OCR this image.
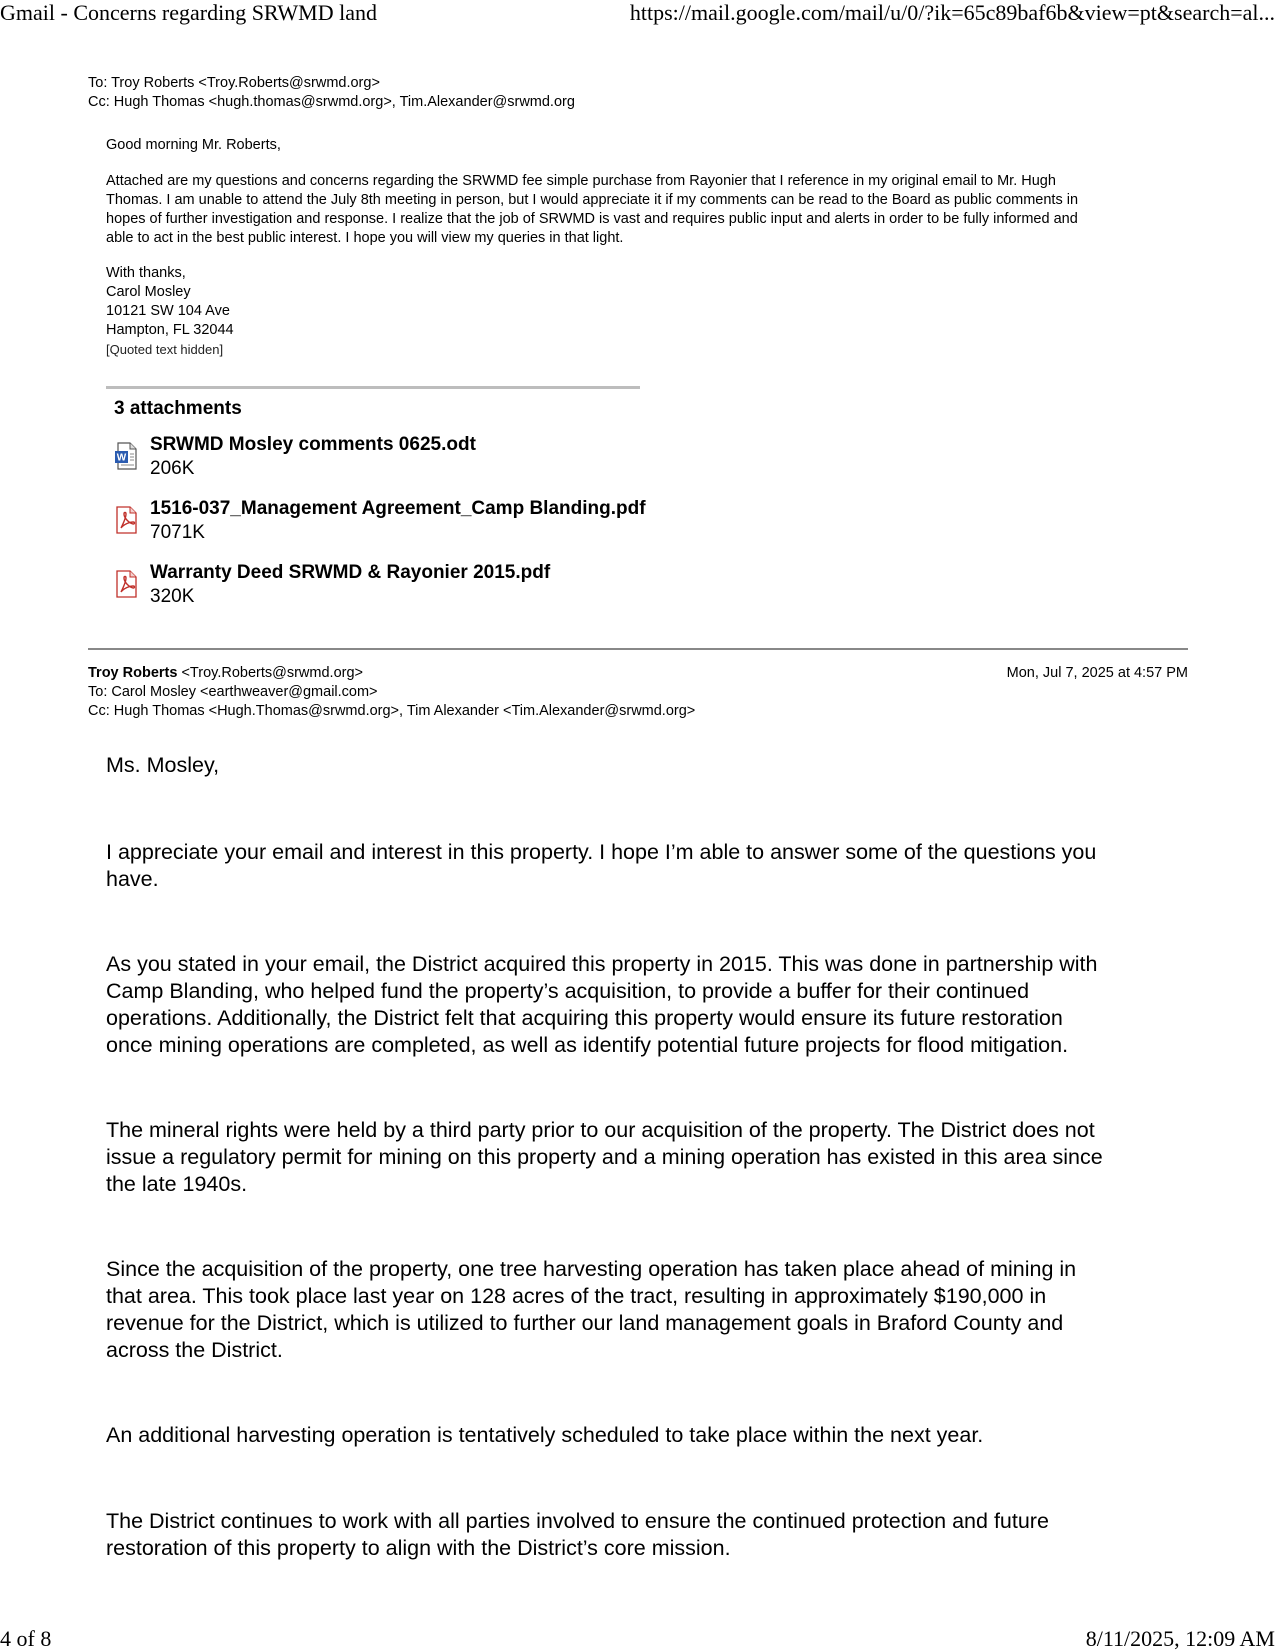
Gmail - Concerns regarding SRWMD land	https://mail.google.com/mail/u/0/?ik=65c89baf6b&view=pt&search=al...
To: Troy Roberts <Troy.Roberts@srwmd.org>
Cc: Hugh Thomas <hugh.thomas@srwmd.org>, Tim.Alexander@srwmd.org
Good morning Mr. Roberts,

Attached are my questions and concerns regarding the SRWMD fee simple purchase from Rayonier that I reference in my original email to Mr. Hugh

Thomas. I am unable to attend the July 8th meeting in person, but I would appreciate it if my comments can be read to the Board as public comments in

hopes of further investigation and response. I realize that the job of SRWMD is vast and requires public input and alerts in order to be fully informed and

able to act in the best public interest. I hope you will view my queries in that light.

With thanks,

Carol Mosley

10121 SW 104 Ave

Hampton, FL 32044

[Quoted text hidden]

3 attachments
W
SRWMD Mosley comments 0625.odt
206K
1516-037_Management Agreement_Camp Blanding.pdf
7071K
Warranty Deed SRWMD & Rayonier 2015.pdf
320K
Troy Roberts <Troy.Roberts@srwmd.org>	Mon, Jul 7, 2025 at 4:57 PM
To: Carol Mosley <earthweaver@gmail.com>
Cc: Hugh Thomas <Hugh.Thomas@srwmd.org>, Tim Alexander <Tim.Alexander@srwmd.org>
Ms. Mosley,

I appreciate your email and interest in this property. I hope I’m able to answer some of the questions you

have.

As you stated in your email, the District acquired this property in 2015. This was done in partnership with

Camp Blanding, who helped fund the property’s acquisition, to provide a buffer for their continued

operations. Additionally, the District felt that acquiring this property would ensure its future restoration

once mining operations are completed, as well as identify potential future projects for flood mitigation.

The mineral rights were held by a third party prior to our acquisition of the property. The District does not

issue a regulatory permit for mining on this property and a mining operation has existed in this area since

the late 1940s.

Since the acquisition of the property, one tree harvesting operation has taken place ahead of mining in

that area. This took place last year on 128 acres of the tract, resulting in approximately $190,000 in

revenue for the District, which is utilized to further our land management goals in Braford County and

across the District.

An additional harvesting operation is tentatively scheduled to take place within the next year.

The District continues to work with all parties involved to ensure the continued protection and future

restoration of this property to align with the District’s core mission.

4 of 8	8/11/2025, 12:09 AM
